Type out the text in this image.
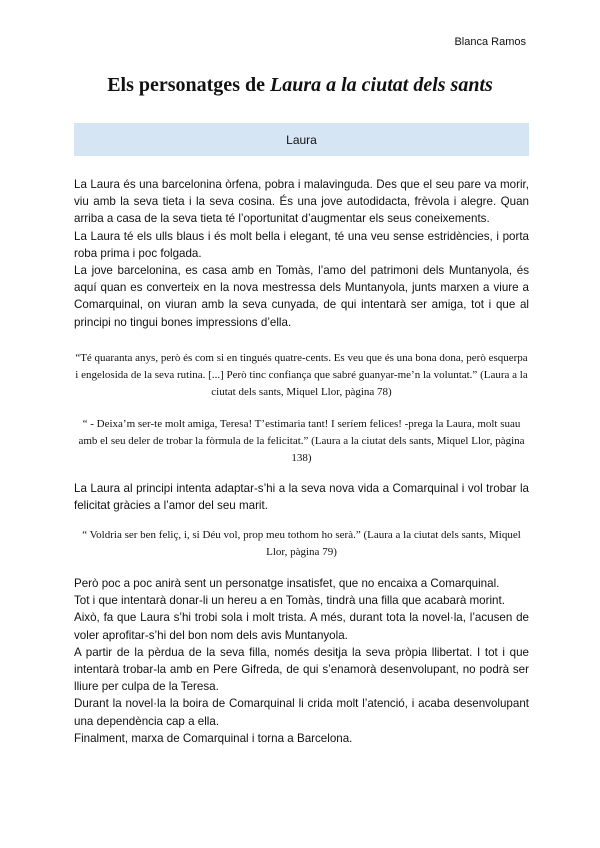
Blanca Ramos
Els personatges de Laura a la ciutat dels sants
Laura

La Laura és una barcelonina òrfena, pobra i malavinguda. Des que el seu pare va morir, viu amb la seva tieta i la seva cosina. És una jove autodidacta, frèvola i alegre. Quan arriba a casa de la seva tieta té l’oportunitat d’augmentar els seus coneixements.

La Laura té els ulls blaus i és molt bella i elegant, té una veu sense estridències, i porta roba prima i poc folgada.

La jove barcelonina, es casa amb en Tomàs, l’amo del patrimoni dels Muntanyola, és aquí quan es converteix en la nova mestressa dels Muntanyola, junts marxen a viure a Comarquinal, on viuran amb la seva cunyada, de qui intentarà ser amiga, tot i que al principi no tingui bones impressions d’ella.

“Té quaranta anys, però és com si en tingués quatre-cents. Es veu que és una bona dona, però esquerpa i engelosida de la seva rutina. [...] Però tinc confiança que sabré guanyar-me’n la voluntat.” (Laura a la ciutat dels sants, Miquel Llor, pàgina 78)

“ - Deixa’m ser-te molt amiga, Teresa! T’estimaria tant! I seríem felices! -prega la Laura, molt suau amb el seu deler de trobar la fòrmula de la felicitat.” (Laura a la ciutat dels sants, Miquel Llor, pàgina 138)

La Laura al principi intenta adaptar-s’hi a la seva nova vida a Comarquinal i vol trobar la felicitat gràcies a l’amor del seu marit.

“ Voldria ser ben feliç, i, si Déu vol, prop meu tothom ho serà.” (Laura a la ciutat dels sants, Miquel Llor, pàgina 79)

Però poc a poc anirà sent un personatge insatisfet, que no encaixa a Comarquinal.

Tot i que intentarà donar-li un hereu a en Tomàs, tindrà una filla que acabarà morint.

Això, fa que Laura s’hi trobi sola i molt trista. A més, durant tota la novel·la, l’acusen de voler aprofitar-s’hi del bon nom dels avis Muntanyola.

A partir de la pèrdua de la seva filla, només desitja la seva pròpia llibertat. I tot i que intentarà trobar-la amb en Pere Gifreda, de qui s’enamorà desenvolupant, no podrà ser lliure per culpa de la Teresa.

Durant la novel·la la boira de Comarquinal li crida molt l’atenció, i acaba desenvolupant una dependència cap a ella.

Finalment, marxa de Comarquinal i torna a Barcelona.
